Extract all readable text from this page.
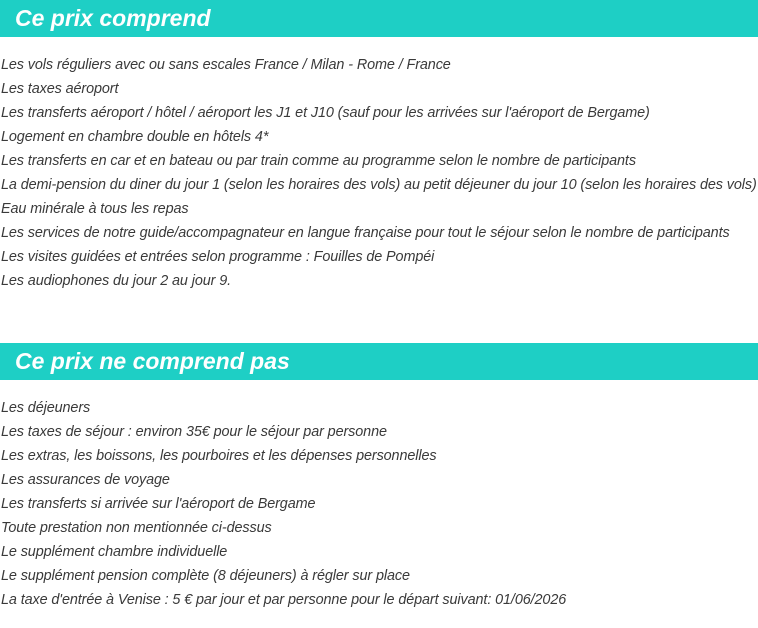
Ce prix comprend
Les vols réguliers avec ou sans escales France / Milan - Rome / France
Les taxes aéroport
Les transferts aéroport / hôtel / aéroport les J1 et J10 (sauf pour les arrivées sur l'aéroport de Bergame)
Logement en chambre double en hôtels 4*
Les transferts en car et en bateau ou par train comme au programme selon le nombre de participants
La demi-pension du diner du jour 1 (selon les horaires des vols) au petit déjeuner du jour 10 (selon les horaires des vols)
Eau minérale à tous les repas
Les services de notre guide/accompagnateur en langue française pour tout le séjour selon le nombre de participants
Les visites guidées et entrées selon programme : Fouilles de Pompéi
Les audiophones du jour 2 au jour 9.
Ce prix ne comprend pas
Les déjeuners
Les taxes de séjour : environ 35€ pour le séjour par personne
Les extras, les boissons, les pourboires et les dépenses personnelles
Les assurances de voyage
Les transferts si arrivée sur l'aéroport de Bergame
Toute prestation non mentionnée ci-dessus
Le supplément chambre individuelle
Le supplément pension complète (8 déjeuners) à régler sur place
La taxe d'entrée à Venise : 5 € par jour et par personne pour le départ suivant: 01/06/2026
